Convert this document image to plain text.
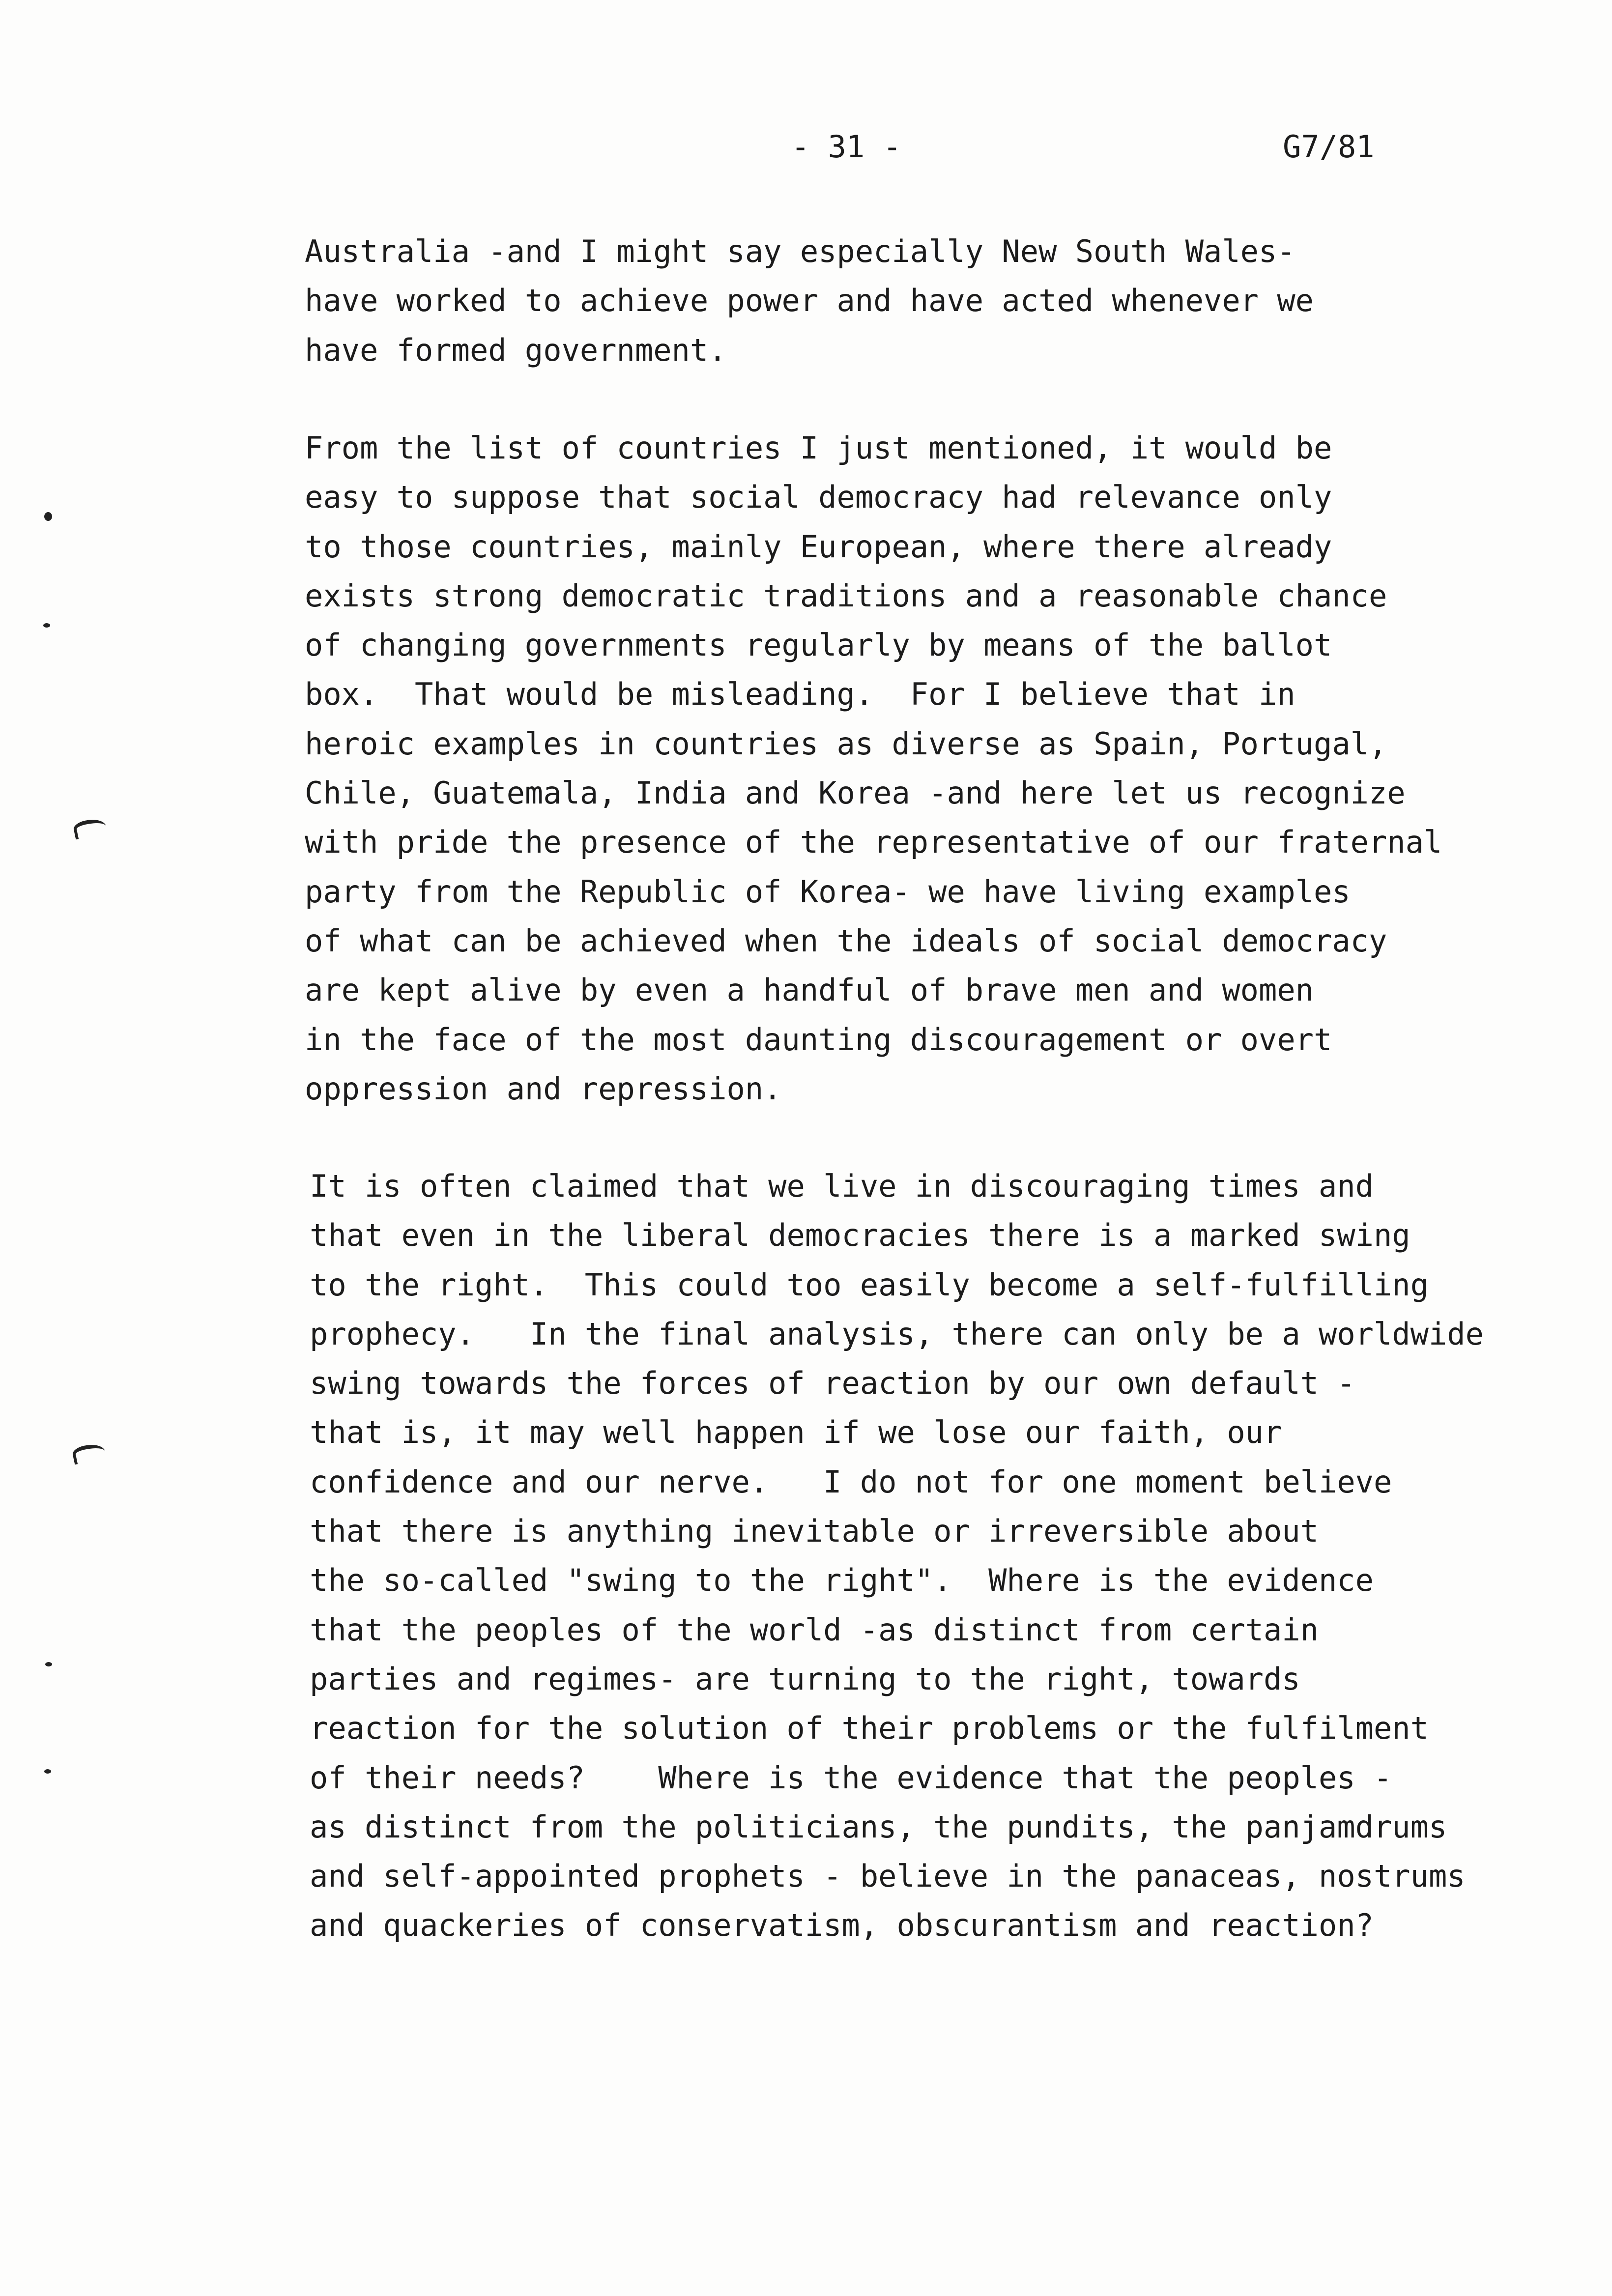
- 31 -	G7/81
Australia -and I might say especially New South Wales-
have worked to achieve power and have acted whenever we
have formed government.
From the list of countries I just mentioned, it would be
easy to suppose that social democracy had relevance only
to those countries, mainly European, where there already
exists strong democratic traditions and a reasonable chance
of changing governments regularly by means of the ballot
box.  That would be misleading.  For I believe that in
heroic examples in countries as diverse as Spain, Portugal,
Chile, Guatemala, India and Korea -and here let us recognize
with pride the presence of the representative of our fraternal
party from the Republic of Korea- we have living examples
of what can be achieved when the ideals of social democracy
are kept alive by even a handful of brave men and women
in the face of the most daunting discouragement or overt
oppression and repression.
It is often claimed that we live in discouraging times and
that even in the liberal democracies there is a marked swing
to the right.  This could too easily become a self-fulfilling
prophecy.   In the final analysis, there can only be a worldwide
swing towards the forces of reaction by our own default -
that is, it may well happen if we lose our faith, our
confidence and our nerve.   I do not for one moment believe
that there is anything inevitable or irreversible about
the so-called "swing to the right".  Where is the evidence
that the peoples of the world -as distinct from certain
parties and regimes- are turning to the right, towards
reaction for the solution of their problems or the fulfilment
of their needs?    Where is the evidence that the peoples -
as distinct from the politicians, the pundits, the panjamdrums
and self-appointed prophets - believe in the panaceas, nostrums
and quackeries of conservatism, obscurantism and reaction?
